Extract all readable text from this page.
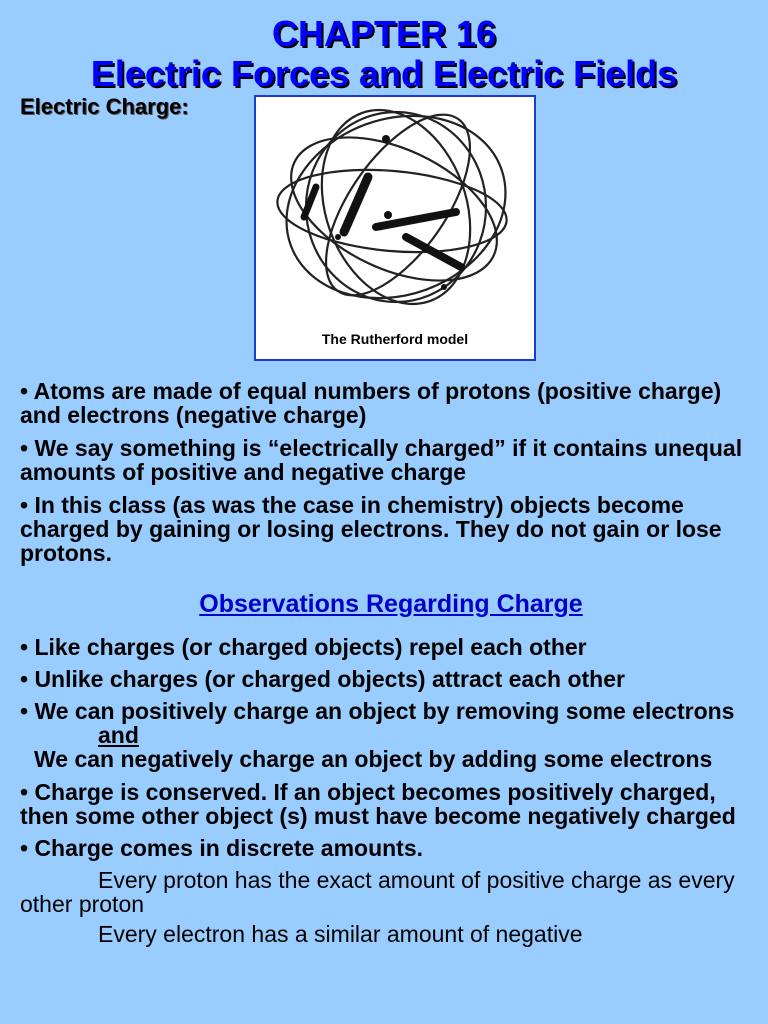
CHAPTER 16
Electric Forces and Electric Fields
Electric Charge:
The Rutherford model
• Atoms are made of equal numbers of protons (positive charge) and electrons (negative charge)
• We say something is “electrically charged” if it contains unequal amounts of positive and negative charge
• In this class (as was the case in chemistry) objects become charged by gaining or losing electrons. They do not gain or lose protons.
Observations Regarding Charge
• Like charges (or charged objects) repel each other
• Unlike charges (or charged objects) attract each other
• We can positively charge an object by removing some electrons
and
We can negatively charge an object by adding some electrons
• Charge is conserved. If an object becomes positively charged, then some other object (s) must have become negatively charged
• Charge comes in discrete amounts.
Every proton has the exact amount of positive charge as every other proton
Every electron has a similar amount of negative
